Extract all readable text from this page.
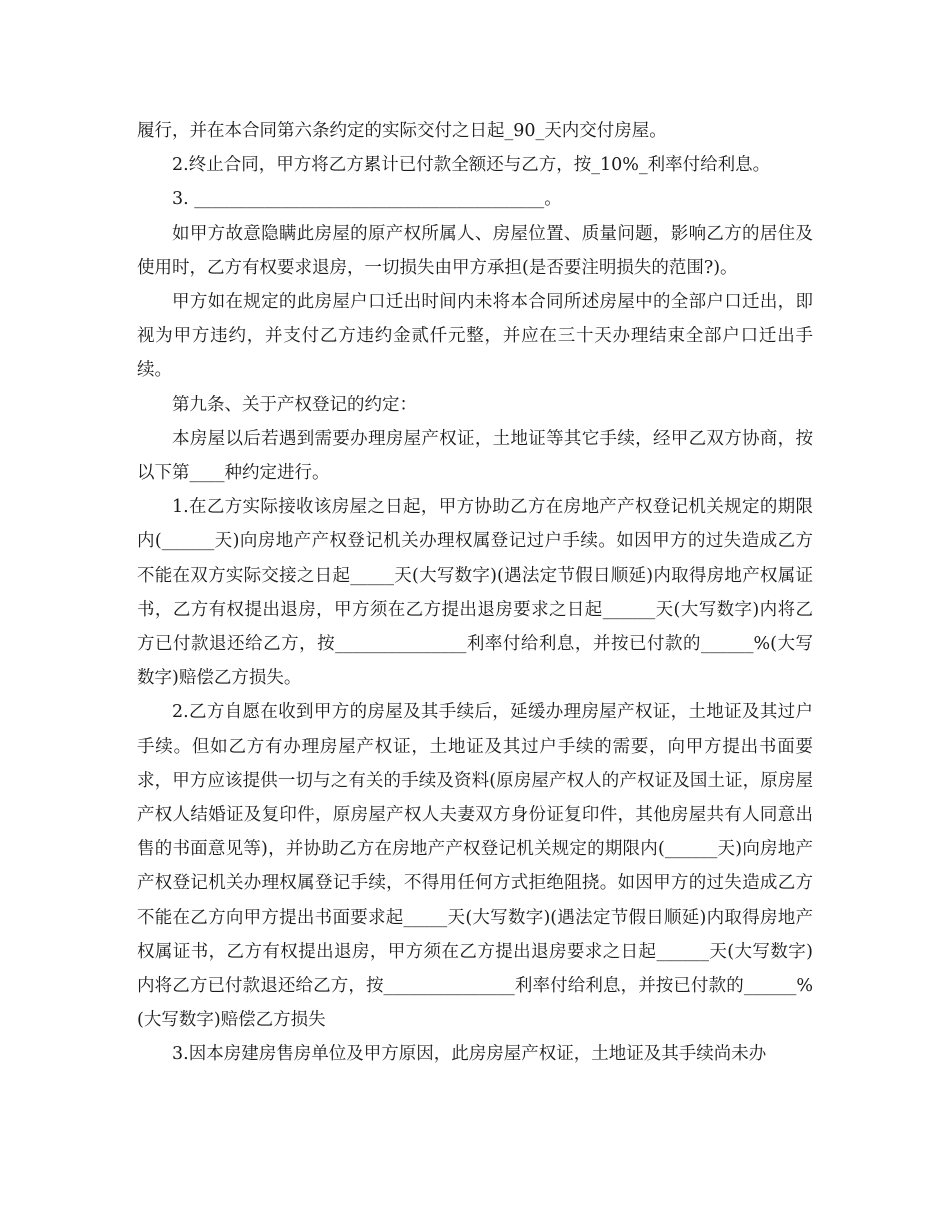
履行，并在本合同第六条约定的实际交付之日起_90_天内交付房屋。

2.终止合同，甲方将乙方累计已付款全额还与乙方，按_10%_利率付给利息。

3. ________________________________________。

如甲方故意隐瞒此房屋的原产权所属人、房屋位置、质量问题，影响乙方的居住及使用时，乙方有权要求退房，一切损失由甲方承担(是否要注明损失的范围?)。

甲方如在规定的此房屋户口迁出时间内未将本合同所述房屋中的全部户口迁出，即视为甲方违约，并支付乙方违约金贰仟元整，并应在三十天办理结束全部户口迁出手续。

第九条、关于产权登记的约定：

本房屋以后若遇到需要办理房屋产权证，土地证等其它手续，经甲乙双方协商，按以下第____种约定进行。

1.在乙方实际接收该房屋之日起，甲方协助乙方在房地产产权登记机关规定的期限内(______天)向房地产产权登记机关办理权属登记过户手续。如因甲方的过失造成乙方不能在双方实际交接之日起_____天(大写数字)(遇法定节假日顺延)内取得房地产权属证书，乙方有权提出退房，甲方须在乙方提出退房要求之日起______天(大写数字)内将乙方已付款退还给乙方，按_______________利率付给利息，并按已付款的______%(大写数字)赔偿乙方损失。

2.乙方自愿在收到甲方的房屋及其手续后，延缓办理房屋产权证，土地证及其过户手续。但如乙方有办理房屋产权证，土地证及其过户手续的需要，向甲方提出书面要求，甲方应该提供一切与之有关的手续及资料(原房屋产权人的产权证及国土证，原房屋产权人结婚证及复印件，原房屋产权人夫妻双方身份证复印件，其他房屋共有人同意出售的书面意见等)，并协助乙方在房地产产权登记机关规定的期限内(______天)向房地产产权登记机关办理权属登记手续，不得用任何方式拒绝阻挠。如因甲方的过失造成乙方不能在乙方向甲方提出书面要求起_____天(大写数字)(遇法定节假日顺延)内取得房地产权属证书，乙方有权提出退房，甲方须在乙方提出退房要求之日起______天(大写数字)内将乙方已付款退还给乙方，按_______________利率付给利息，并按已付款的______%(大写数字)赔偿乙方损失

3.因本房建房售房单位及甲方原因，此房房屋产权证，土地证及其手续尚未办
